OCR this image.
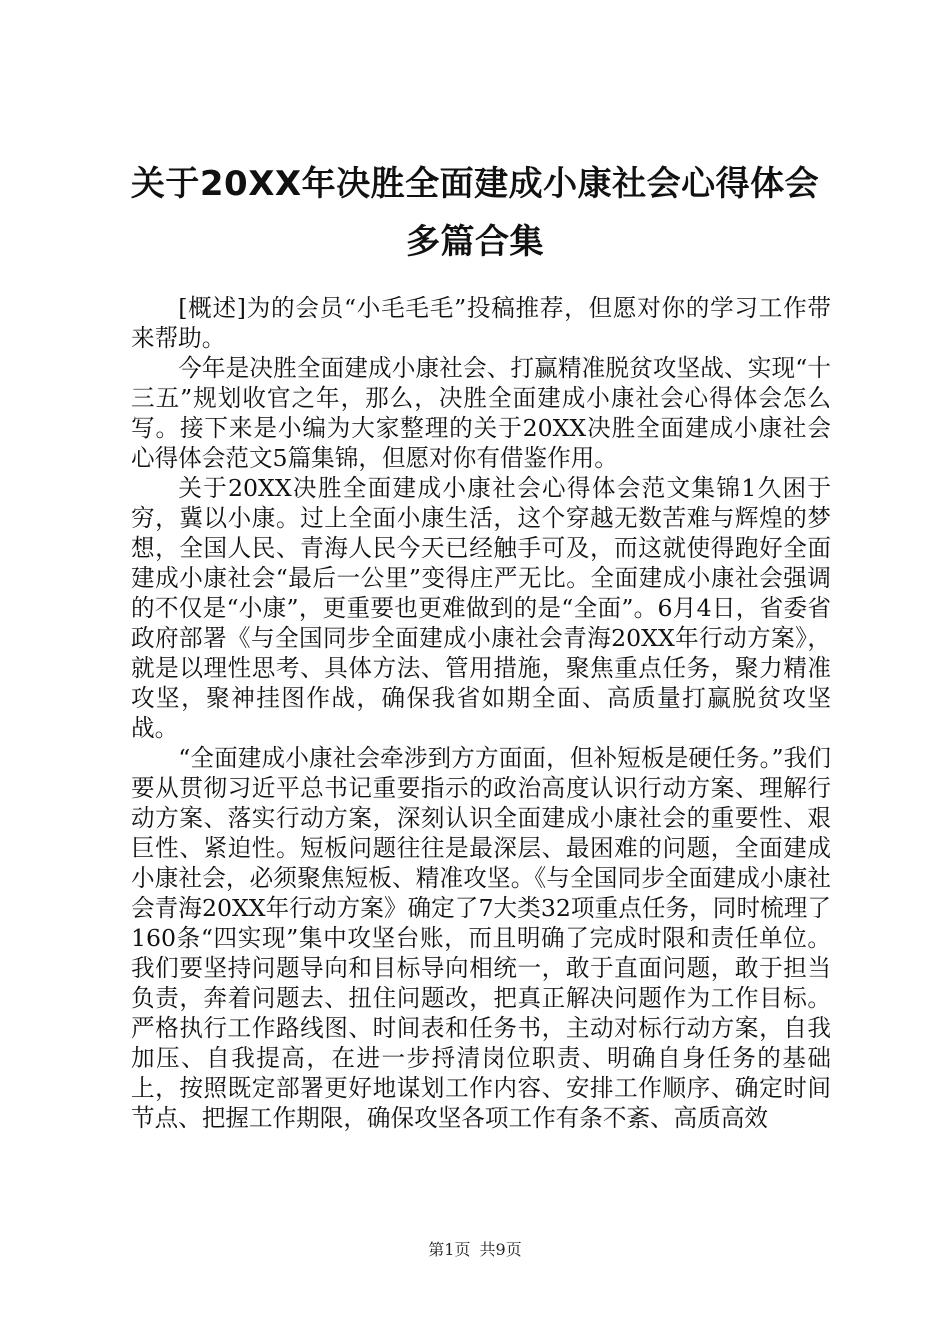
关于20XX年决胜全面建成小康社会心得体会
多篇合集

[概述]为的会员“小毛毛毛”投稿推荐，但愿对你的学习工作带来帮助。

今年是决胜全面建成小康社会、打赢精准脱贫攻坚战、实现“十三五”规划收官之年，那么，决胜全面建成小康社会心得体会怎么写。接下来是小编为大家整理的关于20XX决胜全面建成小康社会心得体会范文5篇集锦，但愿对你有借鉴作用。

关于20XX决胜全面建成小康社会心得体会范文集锦1久困于穷，冀以小康。过上全面小康生活，这个穿越无数苦难与辉煌的梦想，全国人民、青海人民今天已经触手可及，而这就使得跑好全面建成小康社会“最后一公里”变得庄严无比。全面建成小康社会强调的不仅是“小康”，更重要也更难做到的是“全面”。6月4日，省委省政府部署《与全国同步全面建成小康社会青海20XX年行动方案》，就是以理性思考、具体方法、管用措施，聚焦重点任务，聚力精准攻坚，聚神挂图作战，确保我省如期全面、高质量打赢脱贫攻坚战。

“全面建成小康社会牵涉到方方面面，但补短板是硬任务。”我们要从贯彻习近平总书记重要指示的政治高度认识行动方案、理解行动方案、落实行动方案，深刻认识全面建成小康社会的重要性、艰巨性、紧迫性。短板问题往往是最深层、最困难的问题，全面建成小康社会，必须聚焦短板、精准攻坚。《与全国同步全面建成小康社会青海20XX年行动方案》确定了7大类32项重点任务，同时梳理了160条“四实现”集中攻坚台账，而且明确了完成时限和责任单位。我们要坚持问题导向和目标导向相统一，敢于直面问题，敢于担当负责，奔着问题去、扭住问题改，把真正解决问题作为工作目标。严格执行工作路线图、时间表和任务书，主动对标行动方案，自我加压、自我提高，在进一步捋清岗位职责、明确自身任务的基础上，按照既定部署更好地谋划工作内容、安排工作顺序、确定时间节点、把握工作期限，确保攻坚各项工作有条不紊、高质高效

第1页 共9页
